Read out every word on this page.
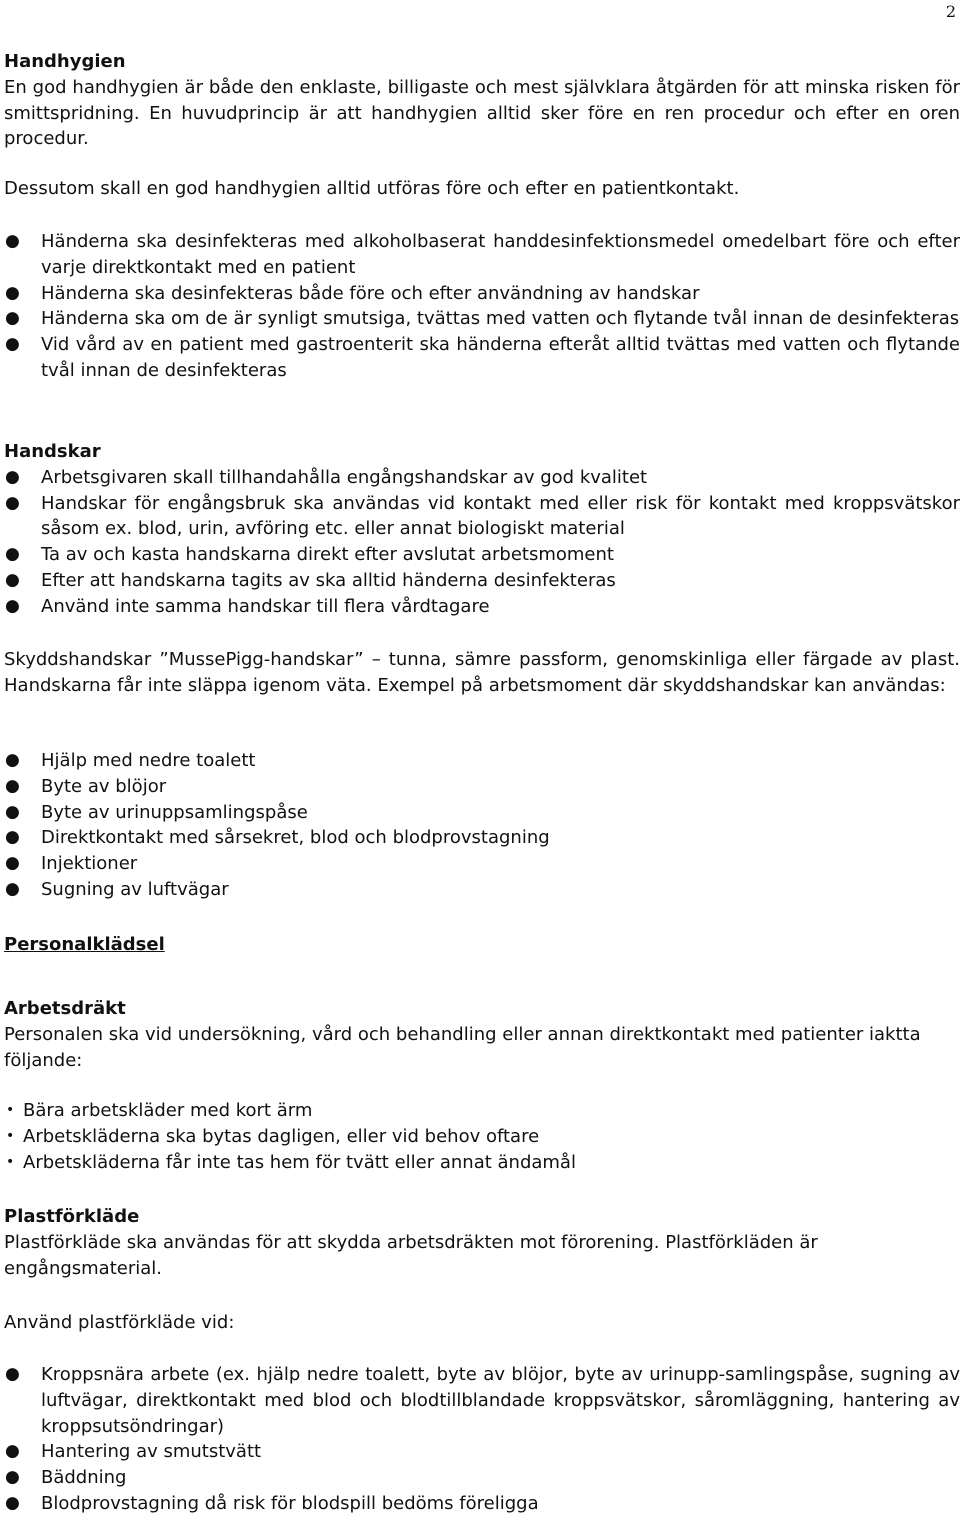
2
Handhygien
En god handhygien är både den enklaste, billigaste och mest självklara åtgärden för att minska risken för smittspridning. En huvudprincip är att handhygien alltid sker före en ren procedur och efter en oren procedur.
Dessutom skall en god handhygien alltid utföras före och efter en patientkontakt.
● Händerna ska desinfekteras med alkoholbaserat handdesinfektionsmedel omedelbart före och efter varje direktkontakt med en patient
● Händerna ska desinfekteras både före och efter användning av handskar
● Händerna ska om de är synligt smutsiga, tvättas med vatten och flytande tvål innan de desinfekteras
● Vid vård av en patient med gastroenterit ska händerna efteråt alltid tvättas med vatten och flytande tvål innan de desinfekteras
Handskar
● Arbetsgivaren skall tillhandahålla engångshandskar av god kvalitet
● Handskar för engångsbruk ska användas vid kontakt med eller risk för kontakt med kroppsvätskor såsom ex. blod, urin, avföring etc. eller annat biologiskt material
● Ta av och kasta handskarna direkt efter avslutat arbetsmoment
● Efter att handskarna tagits av ska alltid händerna desinfekteras
● Använd inte samma handskar till flera vårdtagare
Skyddshandskar ”MussePigg-handskar” – tunna, sämre passform, genomskinliga eller färgade av plast. Handskarna får inte släppa igenom väta. Exempel på arbetsmoment där skyddshandskar kan användas:
● Hjälp med nedre toalett
● Byte av blöjor
● Byte av urinuppsamlingspåse
● Direktkontakt med sårsekret, blod och blodprovstagning
● Injektioner
● Sugning av luftvägar
Personalklädsel
Arbetsdräkt
Personalen ska vid undersökning, vård och behandling eller annan direktkontakt med patienter iaktta följande:
• Bära arbetskläder med kort ärm
• Arbetskläderna ska bytas dagligen, eller vid behov oftare
• Arbetskläderna får inte tas hem för tvätt eller annat ändamål
Plastförkläde
Plastförkläde ska användas för att skydda arbetsdräkten mot förorening. Plastförkläden är engångsmaterial.
Använd plastförkläde vid:
● Kroppsnära arbete (ex. hjälp nedre toalett, byte av blöjor, byte av urinupp-samlingspåse, sugning av luftvägar, direktkontakt med blod och blodtillblandade kroppsvätskor, såromläggning, hantering av kroppsutsöndringar)
● Hantering av smutstvätt
● Bäddning
● Blodprovstagning då risk för blodspill bedöms föreligga
